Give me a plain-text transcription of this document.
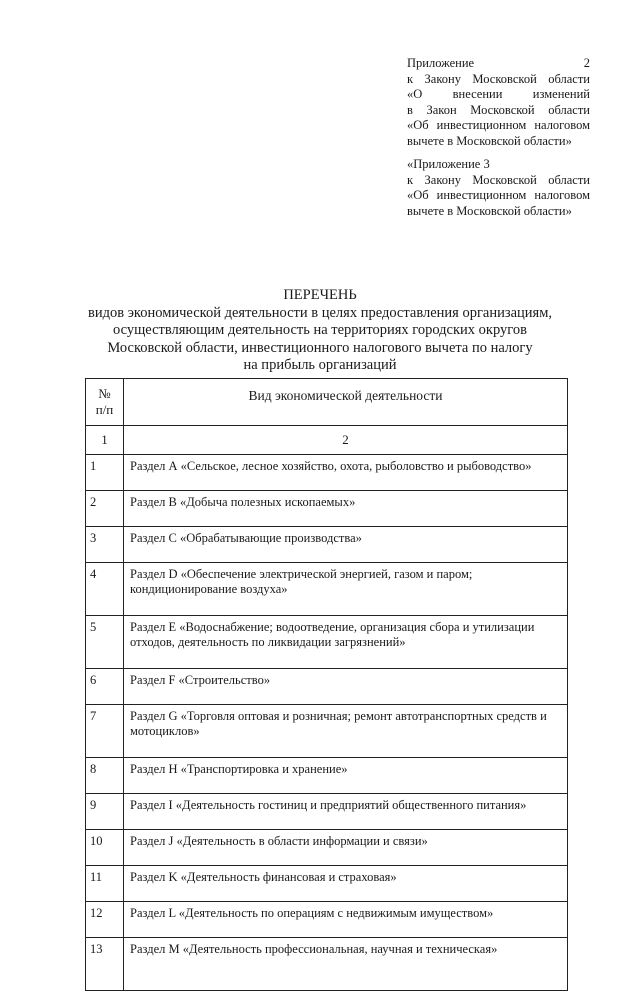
Приложение 2
к Закону Московской области
«О внесении изменений
в Закон Московской области
«Об инвестиционном налоговом
вычете в Московской области»
«Приложение 3
к Закону Московской области
«Об инвестиционном налоговом
вычете в Московской области»
ПЕРЕЧЕНЬ
видов экономической деятельности в целях предоставления организациям,
осуществляющим деятельность на территориях городских округов
Московской области, инвестиционного налогового вычета по налогу
на прибыль организаций
№
п/п	Вид экономической деятельности
1	2
1	Раздел А «Сельское, лесное хозяйство, охота, рыболовство и рыбоводство»
2	Раздел B «Добыча полезных ископаемых»
3	Раздел C «Обрабатывающие производства»
4	Раздел D «Обеспечение электрической энергией, газом и паром; кондиционирование воздуха»
5	Раздел E «Водоснабжение; водоотведение, организация сбора и утилизации отходов, деятельность по ликвидации загрязнений»
6	Раздел F «Строительство»
7	Раздел G «Торговля оптовая и розничная; ремонт автотранспортных средств и мотоциклов»
8	Раздел H «Транспортировка и хранение»
9	Раздел I «Деятельность гостиниц и предприятий общественного питания»
10	Раздел J «Деятельность в области информации и связи»
11	Раздел K «Деятельность финансовая и страховая»
12	Раздел L «Деятельность по операциям с недвижимым имуществом»
13	Раздел M «Деятельность профессиональная, научная и техническая»
